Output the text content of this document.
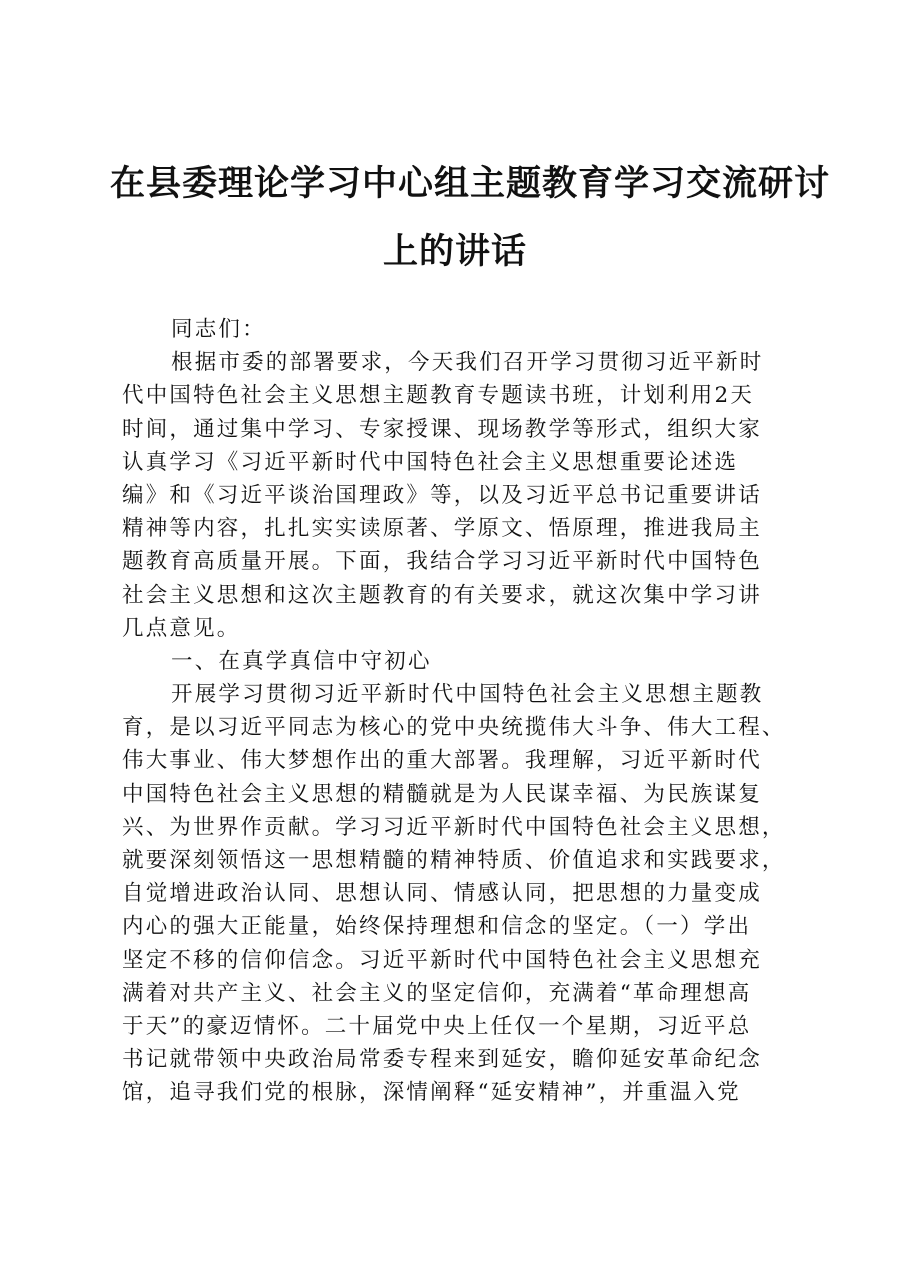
在县委理论学习中心组主题教育学习交流研讨
上的讲话
同志们：
根据市委的部署要求，今天我们召开学习贯彻习近平新时
代中国特色社会主义思想主题教育专题读书班，计划利用2天
时间，通过集中学习、专家授课、现场教学等形式，组织大家
认真学习《习近平新时代中国特色社会主义思想重要论述选
编》和《习近平谈治国理政》等，以及习近平总书记重要讲话
精神等内容，扎扎实实读原著、学原文、悟原理，推进我局主
题教育高质量开展。下面，我结合学习习近平新时代中国特色
社会主义思想和这次主题教育的有关要求，就这次集中学习讲
几点意见。
一、在真学真信中守初心
开展学习贯彻习近平新时代中国特色社会主义思想主题教
育，是以习近平同志为核心的党中央统揽伟大斗争、伟大工程、
伟大事业、伟大梦想作出的重大部署。我理解，习近平新时代
中国特色社会主义思想的精髓就是为人民谋幸福、为民族谋复
兴、为世界作贡献。学习习近平新时代中国特色社会主义思想，
就要深刻领悟这一思想精髓的精神特质、价值追求和实践要求，
自觉增进政治认同、思想认同、情感认同，把思想的力量变成
内心的强大正能量，始终保持理想和信念的坚定。（一）学出
坚定不移的信仰信念。习近平新时代中国特色社会主义思想充
满着对共产主义、社会主义的坚定信仰，充满着“革命理想高
于天”的豪迈情怀。二十届党中央上任仅一个星期，习近平总
书记就带领中央政治局常委专程来到延安，瞻仰延安革命纪念
馆，追寻我们党的根脉，深情阐释“延安精神”，并重温入党
